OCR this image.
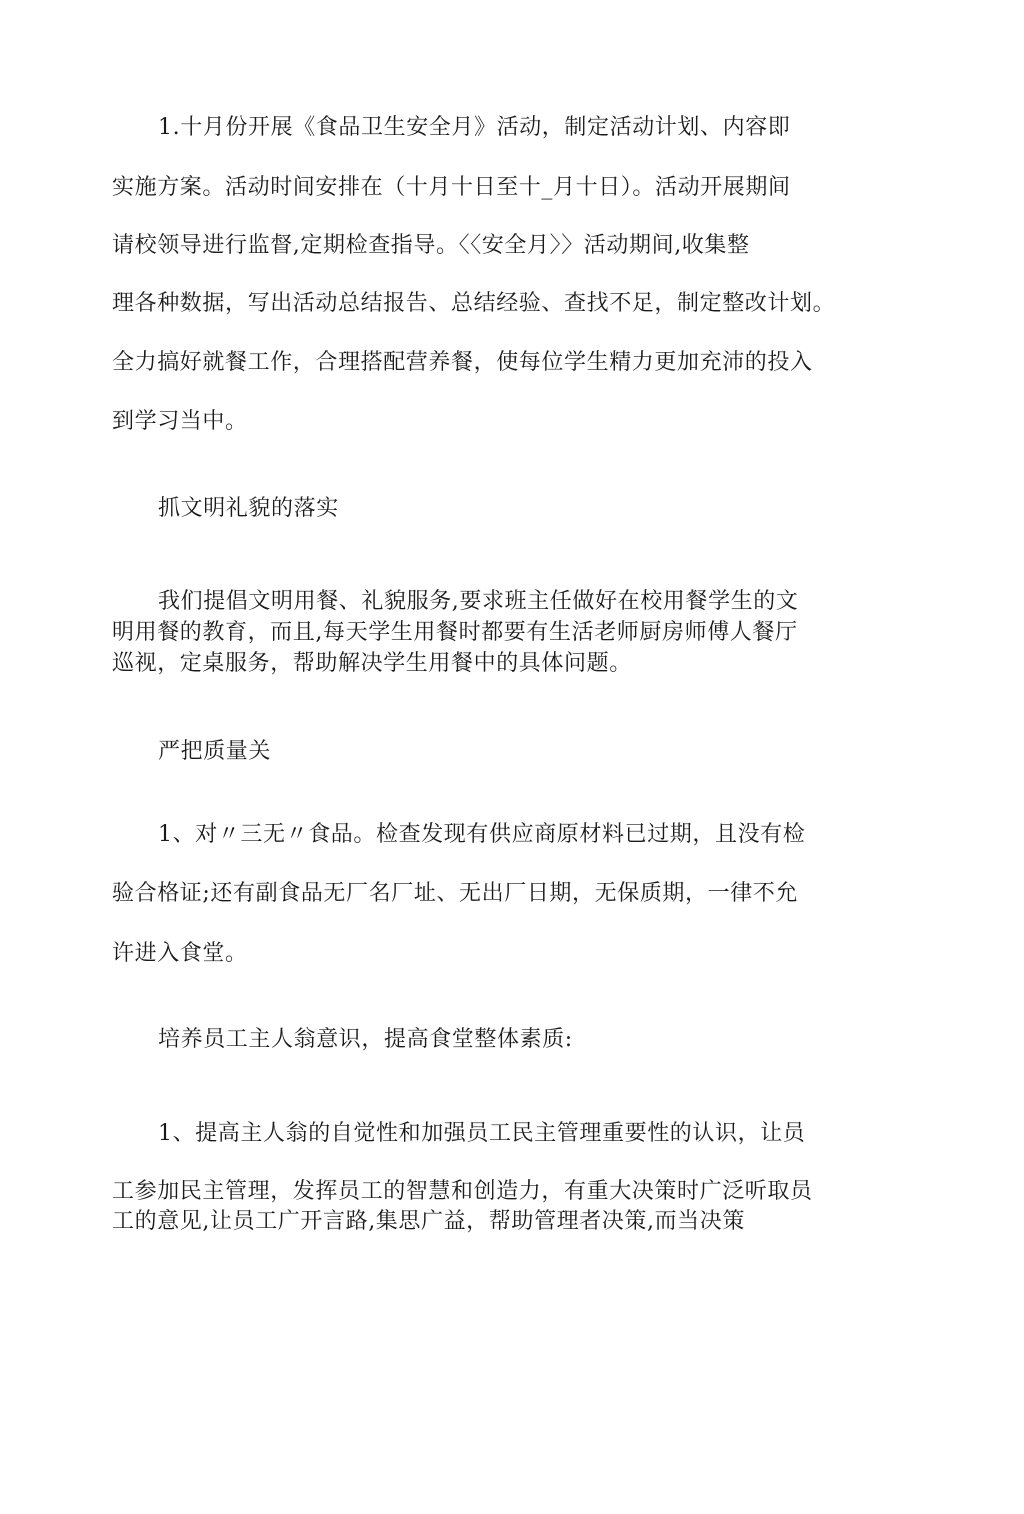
1.十月份开展《食品卫生安全月》活动，制定活动计划、内容即
实施方案。活动时间安排在（十月十日至十_月十日）。活动开展期间
请校领导进行监督,定期检查指导。〈〈安全月〉〉活动期间,收集整
理各种数据，写出活动总结报告、总结经验、查找不足，制定整改计划。
全力搞好就餐工作，合理搭配营养餐，使每位学生精力更加充沛的投入
到学习当中。
抓文明礼貌的落实
我们提倡文明用餐、礼貌服务,要求班主任做好在校用餐学生的文
明用餐的教育，而且,每天学生用餐时都要有生活老师厨房师傅人餐厅
巡视，定桌服务，帮助解决学生用餐中的具体问题。
严把质量关
1、对〃三无〃食品。检查发现有供应商原材料已过期，且没有检
验合格证;还有副食品无厂名厂址、无出厂日期，无保质期，一律不允
许进入食堂。
培养员工主人翁意识，提高食堂整体素质:
1、提高主人翁的自觉性和加强员工民主管理重要性的认识，让员
工参加民主管理，发挥员工的智慧和创造力，有重大决策时广泛听取员
工的意见,让员工广开言路,集思广益，帮助管理者决策,而当决策
